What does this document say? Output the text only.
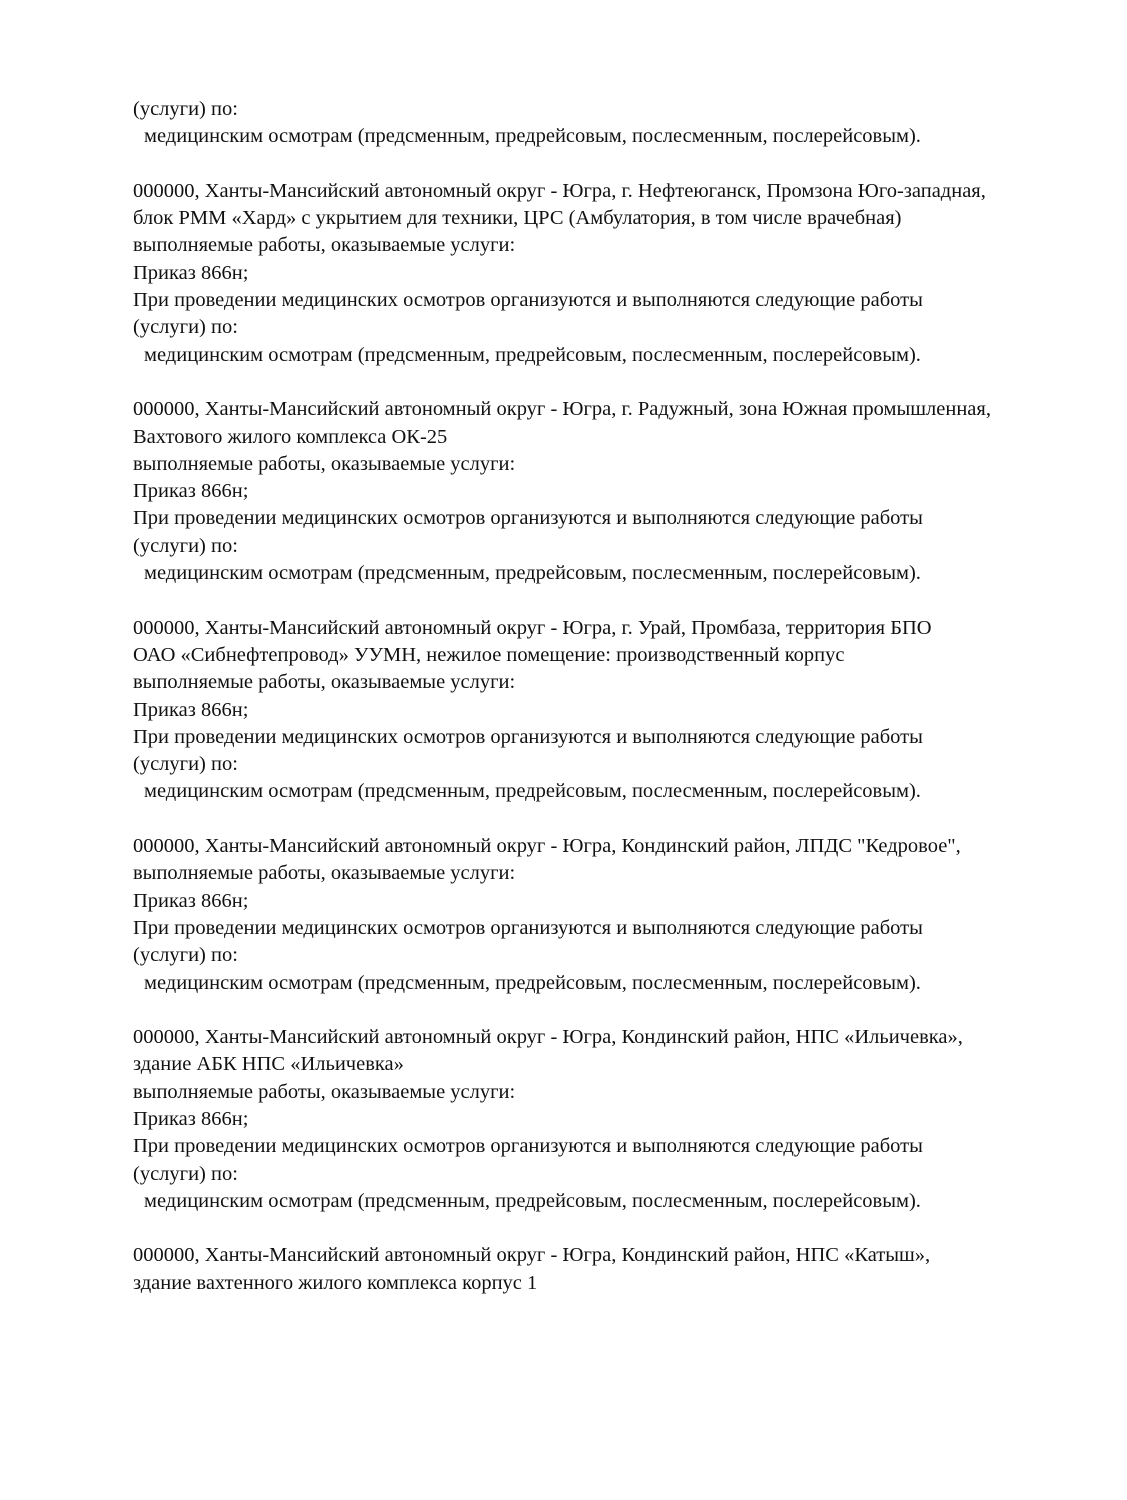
(услуги) по:
медицинским осмотрам (предсменным, предрейсовым, послесменным, послерейсовым).
000000, Ханты-Мансийский автономный округ - Югра, г. Нефтеюганск, Промзона Юго-западная,
блок РММ «Хард» с укрытием для техники, ЦРС (Амбулатория, в том числе врачебная)
выполняемые работы, оказываемые услуги:
Приказ 866н;
При проведении медицинских осмотров организуются и выполняются следующие работы
(услуги) по:
медицинским осмотрам (предсменным, предрейсовым, послесменным, послерейсовым).
000000, Ханты-Мансийский автономный округ - Югра, г. Радужный, зона Южная промышленная,
Вахтового жилого комплекса ОК-25
выполняемые работы, оказываемые услуги:
Приказ 866н;
При проведении медицинских осмотров организуются и выполняются следующие работы
(услуги) по:
медицинским осмотрам (предсменным, предрейсовым, послесменным, послерейсовым).
000000, Ханты-Мансийский автономный округ - Югра, г. Урай, Промбаза, территория БПО
ОАО «Сибнефтепровод» УУМН, нежилое помещение: производственный корпус
выполняемые работы, оказываемые услуги:
Приказ 866н;
При проведении медицинских осмотров организуются и выполняются следующие работы
(услуги) по:
медицинским осмотрам (предсменным, предрейсовым, послесменным, послерейсовым).
000000, Ханты-Мансийский автономный округ - Югра, Кондинский район, ЛПДС "Кедровое",
выполняемые работы, оказываемые услуги:
Приказ 866н;
При проведении медицинских осмотров организуются и выполняются следующие работы
(услуги) по:
медицинским осмотрам (предсменным, предрейсовым, послесменным, послерейсовым).
000000, Ханты-Мансийский автономный округ - Югра, Кондинский район, НПС «Ильичевка»,
здание АБК НПС «Ильичевка»
выполняемые работы, оказываемые услуги:
Приказ 866н;
При проведении медицинских осмотров организуются и выполняются следующие работы
(услуги) по:
медицинским осмотрам (предсменным, предрейсовым, послесменным, послерейсовым).
000000, Ханты-Мансийский автономный округ - Югра, Кондинский район, НПС «Катыш»,
здание вахтенного жилого комплекса корпус 1
